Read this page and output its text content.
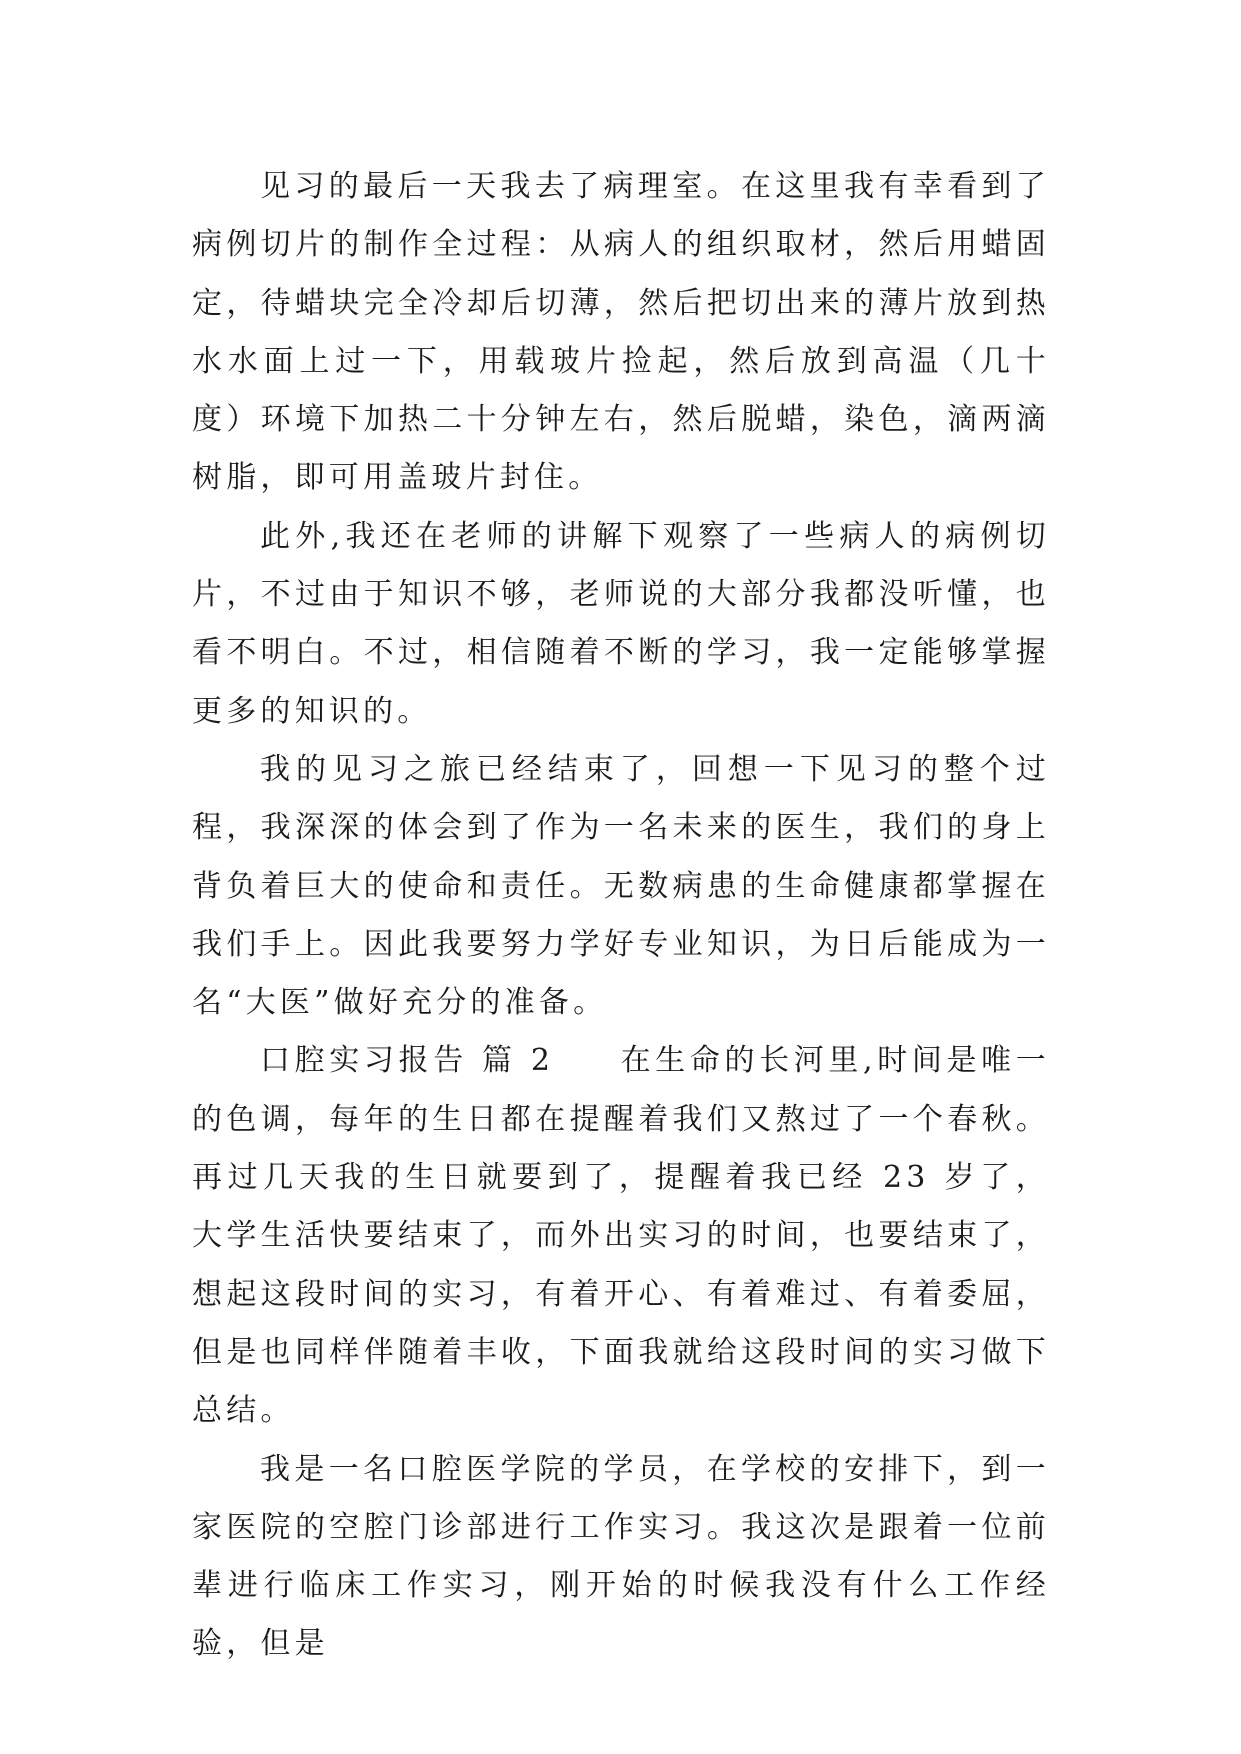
见习的最后一天我去了病理室。在这里我有幸看到了病例切片的制作全过程：从病人的组织取材，然后用蜡固定，待蜡块完全冷却后切薄，然后把切出来的薄片放到热水水面上过一下，用载玻片捡起，然后放到高温（几十度）环境下加热二十分钟左右，然后脱蜡，染色，滴两滴树脂，即可用盖玻片封住。

此外,我还在老师的讲解下观察了一些病人的病例切片，不过由于知识不够，老师说的大部分我都没听懂，也看不明白。不过，相信随着不断的学习，我一定能够掌握更多的知识的。

我的见习之旅已经结束了，回想一下见习的整个过程，我深深的体会到了作为一名未来的医生，我们的身上背负着巨大的使命和责任。无数病患的生命健康都掌握在我们手上。因此我要努力学好专业知识，为日后能成为一名“大医”做好充分的准备。

口腔实习报告 篇 2 在生命的长河里,时间是唯一的色调，每年的生日都在提醒着我们又熬过了一个春秋。再过几天我的生日就要到了，提醒着我已经 23 岁了，大学生活快要结束了，而外出实习的时间，也要结束了，想起这段时间的实习，有着开心、有着难过、有着委屈，但是也同样伴随着丰收，下面我就给这段时间的实习做下总结。

我是一名口腔医学院的学员，在学校的安排下，到一家医院的空腔门诊部进行工作实习。我这次是跟着一位前辈进行临床工作实习，刚开始的时候我没有什么工作经验，但是
